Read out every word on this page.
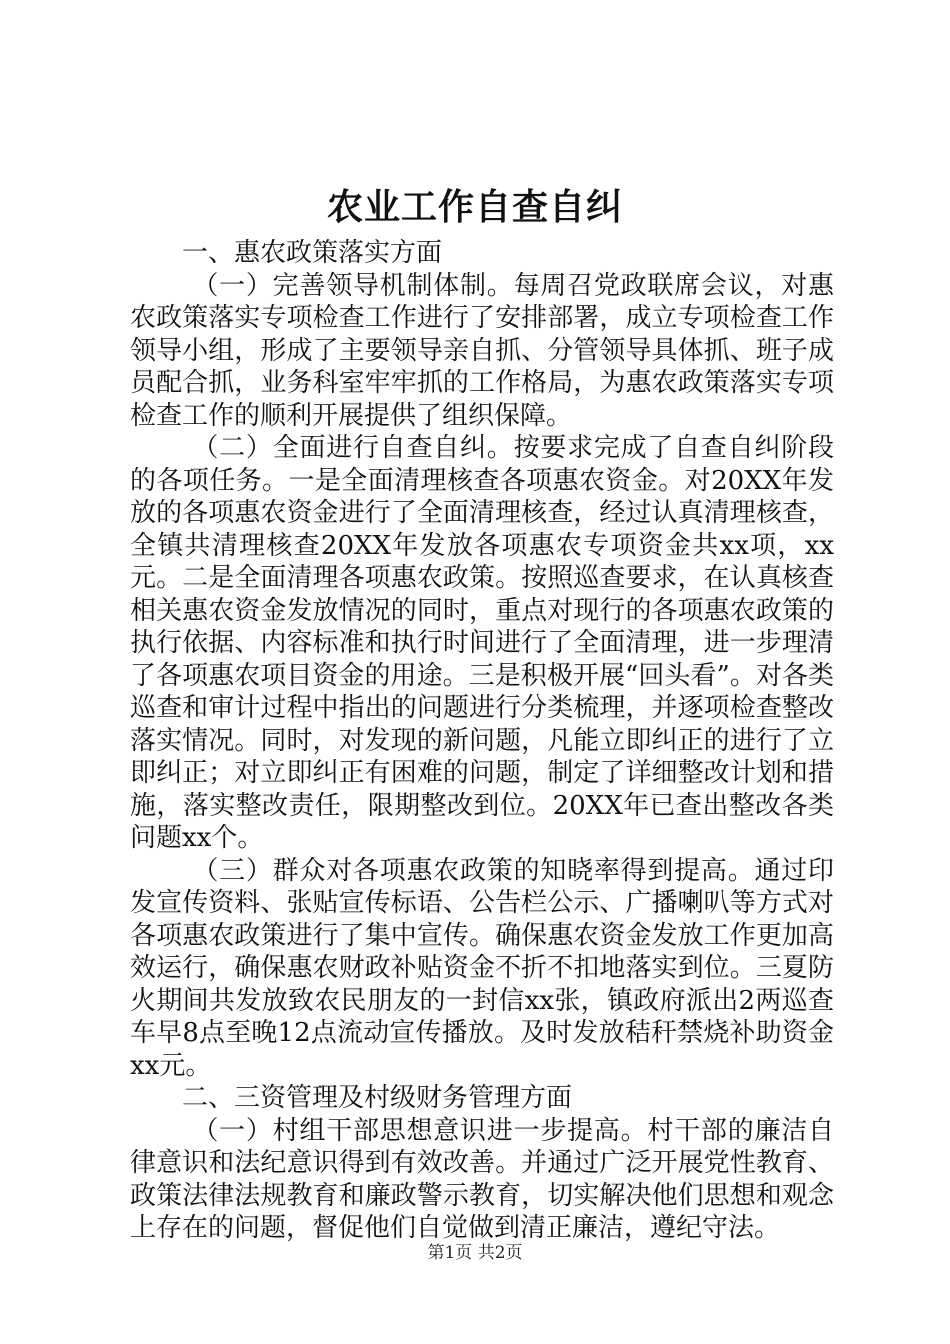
农业工作自查自纠

一、惠农政策落实方面

（一）完善领导机制体制。每周召党政联席会议，对惠农政策落实专项检查工作进行了安排部署，成立专项检查工作领导小组，形成了主要领导亲自抓、分管领导具体抓、班子成员配合抓，业务科室牢牢抓的工作格局，为惠农政策落实专项检查工作的顺利开展提供了组织保障。

（二）全面进行自查自纠。按要求完成了自查自纠阶段的各项任务。一是全面清理核查各项惠农资金。对20XX年发放的各项惠农资金进行了全面清理核查，经过认真清理核查，全镇共清理核查20XX年发放各项惠农专项资金共xx项，xx元。二是全面清理各项惠农政策。按照巡查要求，在认真核查相关惠农资金发放情况的同时，重点对现行的各项惠农政策的执行依据、内容标准和执行时间进行了全面清理，进一步理清了各项惠农项目资金的用途。三是积极开展“回头看”。对各类巡查和审计过程中指出的问题进行分类梳理，并逐项检查整改落实情况。同时，对发现的新问题，凡能立即纠正的进行了立即纠正；对立即纠正有困难的问题，制定了详细整改计划和措施，落实整改责任，限期整改到位。20XX年已查出整改各类问题xx个。

（三）群众对各项惠农政策的知晓率得到提高。通过印发宣传资料、张贴宣传标语、公告栏公示、广播喇叭等方式对各项惠农政策进行了集中宣传。确保惠农资金发放工作更加高效运行，确保惠农财政补贴资金不折不扣地落实到位。三夏防火期间共发放致农民朋友的一封信xx张，镇政府派出2两巡查车早8点至晚12点流动宣传播放。及时发放秸秆禁烧补助资金xx元。

二、三资管理及村级财务管理方面

（一）村组干部思想意识进一步提高。村干部的廉洁自律意识和法纪意识得到有效改善。并通过广泛开展党性教育、政策法律法规教育和廉政警示教育，切实解决他们思想和观念上存在的问题，督促他们自觉做到清正廉洁，遵纪守法。

第1页 共2页
